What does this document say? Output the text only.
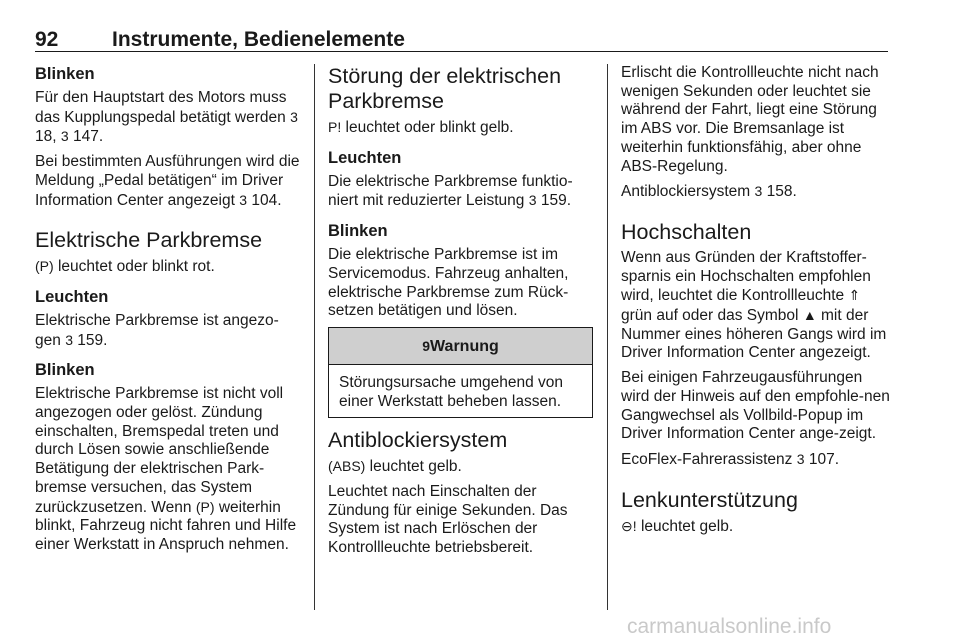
92	Instrumente, Bedienelemente
Blinken

Für den Hauptstart des Motors muss das Kupplungspedal betätigt werden 3 18, 3 147.

Bei bestimmten Ausführungen wird die Meldung „Pedal betätigen“ im Driver Information Center angezeigt 3 104.

Elektrische Parkbremse

(P) leuchtet oder blinkt rot.

Leuchten

Elektrische Parkbremse ist angezo-gen 3 159.

Blinken

Elektrische Parkbremse ist nicht voll angezogen oder gelöst. Zündung einschalten, Bremspedal treten und durch Lösen sowie anschließende Betätigung der elektrischen Park-bremse versuchen, das System zurückzusetzen. Wenn (P) weiterhin blinkt, Fahrzeug nicht fahren und Hilfe einer Werkstatt in Anspruch nehmen.

Störung der elektrischen Parkbremse

P! leuchtet oder blinkt gelb.

Leuchten

Die elektrische Parkbremse funktio-niert mit reduzierter Leistung 3 159.

Blinken

Die elektrische Parkbremse ist im Servicemodus. Fahrzeug anhalten, elektrische Parkbremse zum Rück-setzen betätigen und lösen.

9Warnung

Störungsursache umgehend von einer Werkstatt beheben lassen.

Antiblockiersystem

(ABS) leuchtet gelb.

Leuchtet nach Einschalten der Zündung für einige Sekunden. Das System ist nach Erlöschen der Kontrollleuchte betriebsbereit.

Erlischt die Kontrollleuchte nicht nach wenigen Sekunden oder leuchtet sie während der Fahrt, liegt eine Störung im ABS vor. Die Bremsanlage ist weiterhin funktionsfähig, aber ohne ABS-Regelung.

Antiblockiersystem 3 158.

Hochschalten

Wenn aus Gründen der Kraftstoffer-sparnis ein Hochschalten empfohlen wird, leuchtet die Kontrollleuchte ⇑ grün auf oder das Symbol ▲ mit der Nummer eines höheren Gangs wird im Driver Information Center angezeigt.

Bei einigen Fahrzeugausführungen wird der Hinweis auf den empfohle-nen Gangwechsel als Vollbild-Popup im Driver Information Center ange-zeigt.

EcoFlex-Fahrerassistenz 3 107.

Lenkunterstützung

⊖! leuchtet gelb.

carmanualsonline.info
